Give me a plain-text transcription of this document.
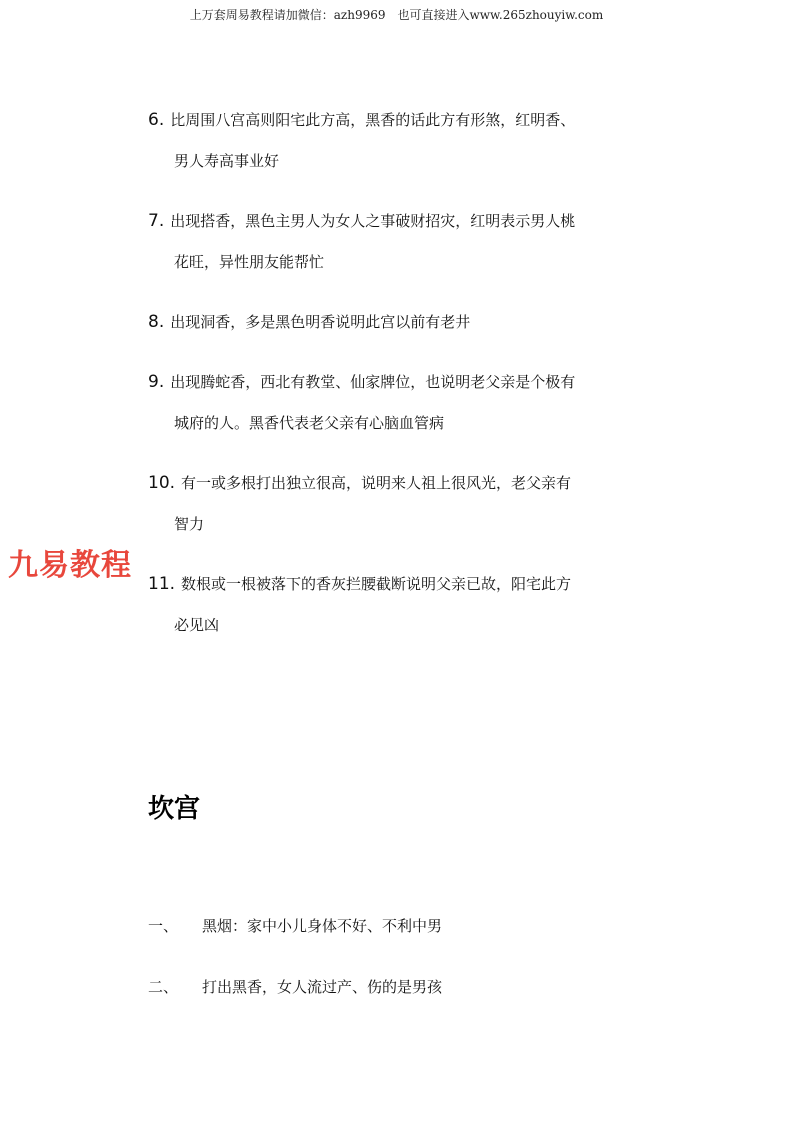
上万套周易教程请加微信：azh9969　也可直接进入www.265zhouyiw.com
九易教程
6. 比周围八宫高则阳宅此方高，黑香的话此方有形煞，红明香、
男人寿高事业好
7. 出现搭香，黑色主男人为女人之事破财招灾，红明表示男人桃
花旺，异性朋友能帮忙
8. 出现洞香，多是黑色明香说明此宫以前有老井
9. 出现腾蛇香，西北有教堂、仙家牌位，也说明老父亲是个极有
城府的人。黑香代表老父亲有心脑血管病
10. 有一或多根打出独立很高，说明来人祖上很风光，老父亲有
智力
11. 数根或一根被落下的香灰拦腰截断说明父亲已故，阳宅此方
必见凶
坎宫
一、 黑烟：家中小儿身体不好、不利中男
二、 打出黑香，女人流过产、伤的是男孩
